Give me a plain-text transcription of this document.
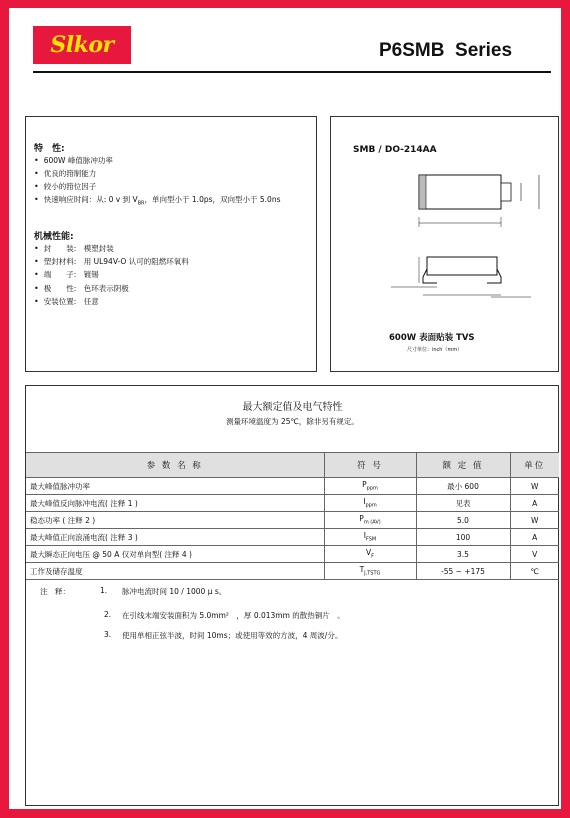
Slkor	P6SMB  Series
特　性:
• 600W 峰值脉冲功率
• 优良的箝制能力
• 较小的箝位因子
• 快速响应时间：从: 0 v 到 $V_{BR}$，单向型小于 1.0ps，双向型小于 5.0ns
机械性能:
• 封　　装: 模塑封装
• 塑封材料: 用 UL94V-O 认可的阻燃环氧料
• 端　　子: 镀锡
• 极　　性: 色环表示阴极
• 安装位置: 任意
SMB / DO-214AA
600W 表面贴装 TVS
尺寸单位：inch（mm）
最大额定值及电气特性
测量环境温度为 25℃，除非另有规定。
参 数 名 称	符 号	额 定 值	单位
最大峰值脉冲功率	$P_{ppm}$	最小 600	W
最大峰值反向脉冲电流( 注释 1 )	$I_{ppm}$	见表	A
稳态功率 ( 注释 2 )	$P_{m (AV)}$	5.0	W
最大峰值正向浪涌电流( 注释 3 )	$I_{FSM}$	100	A
最大瞬态正向电压 @ 50 A 仅对单向型( 注释 4 )	$V_F$	3.5	V
工作及储存温度	$T_{J,TSTG}$	-55 ~ +175	℃
注　释：	1. 脉冲电流时间 10 / 1000 μ s。
2. 在引线末端安装面积为 5.0mm²　，厚 0.013mm 的散热铜片　。
3. 使用单相正弦半波，时间 10ms；或使用等效的方波，4 周波/分。
